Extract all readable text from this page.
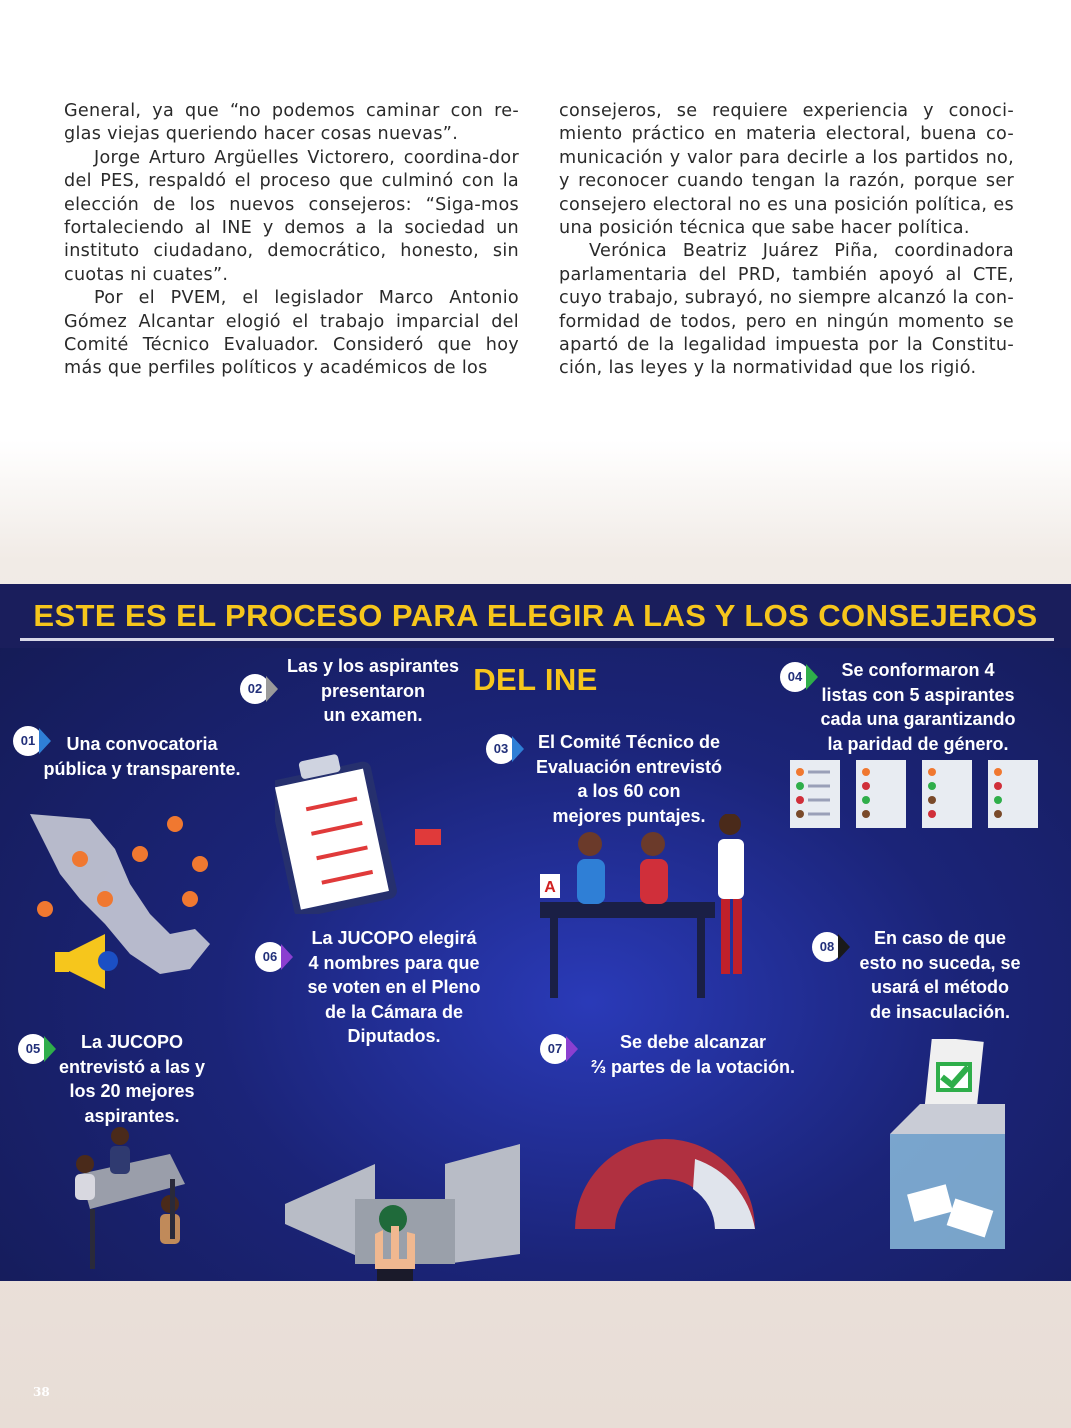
General, ya que “no podemos caminar con re-glas viejas queriendo hacer cosas nuevas”.

Jorge Arturo Argüelles Victorero, coordina-dor del PES, respaldó el proceso que culminó con la elección de los nuevos consejeros: “Siga-mos fortaleciendo al INE y demos a la sociedad un instituto ciudadano, democrático, honesto, sin cuotas ni cuates”.

Por el PVEM, el legislador Marco Antonio Gómez Alcantar elogió el trabajo imparcial del Comité Técnico Evaluador. Consideró que hoy más que perfiles políticos y académicos de los

consejeros, se requiere experiencia y conoci-miento práctico en materia electoral, buena co-municación y valor para decirle a los partidos no, y reconocer cuando tengan la razón, porque ser consejero electoral no es una posición política, es una posición técnica que sabe hacer política.

Verónica Beatriz Juárez Piña, coordinadora parlamentaria del PRD, también apoyó al CTE, cuyo trabajo, subrayó, no siempre alcanzó la con-formidad de todos, pero en ningún momento se apartó de la legalidad impuesta por la Constitu-ción, las leyes y la normatividad que los rigió.

ESTE ES EL PROCESO PARA ELEGIR A LAS Y LOS CONSEJEROS DEL INE
A
01	Una convocatoria
pública y transparente.
02
Las y los aspirantes
presentaron
un examen.
03	El Comité Técnico de
Evaluación entrevistó
a los 60 con
mejores puntajes.
04	Se conformaron 4
listas con 5 aspirantes
cada una garantizando
la paridad de género.
05	La JUCOPO
entrevistó a las y
los 20 mejores
aspirantes.
06
La JUCOPO elegirá
4 nombres para que
se voten en el Pleno
de la Cámara de
Diputados.
07	Se debe alcanzar
⅔ partes de la votación.
08	En caso de que
esto no suceda, se
usará el método
de insaculación.
38
